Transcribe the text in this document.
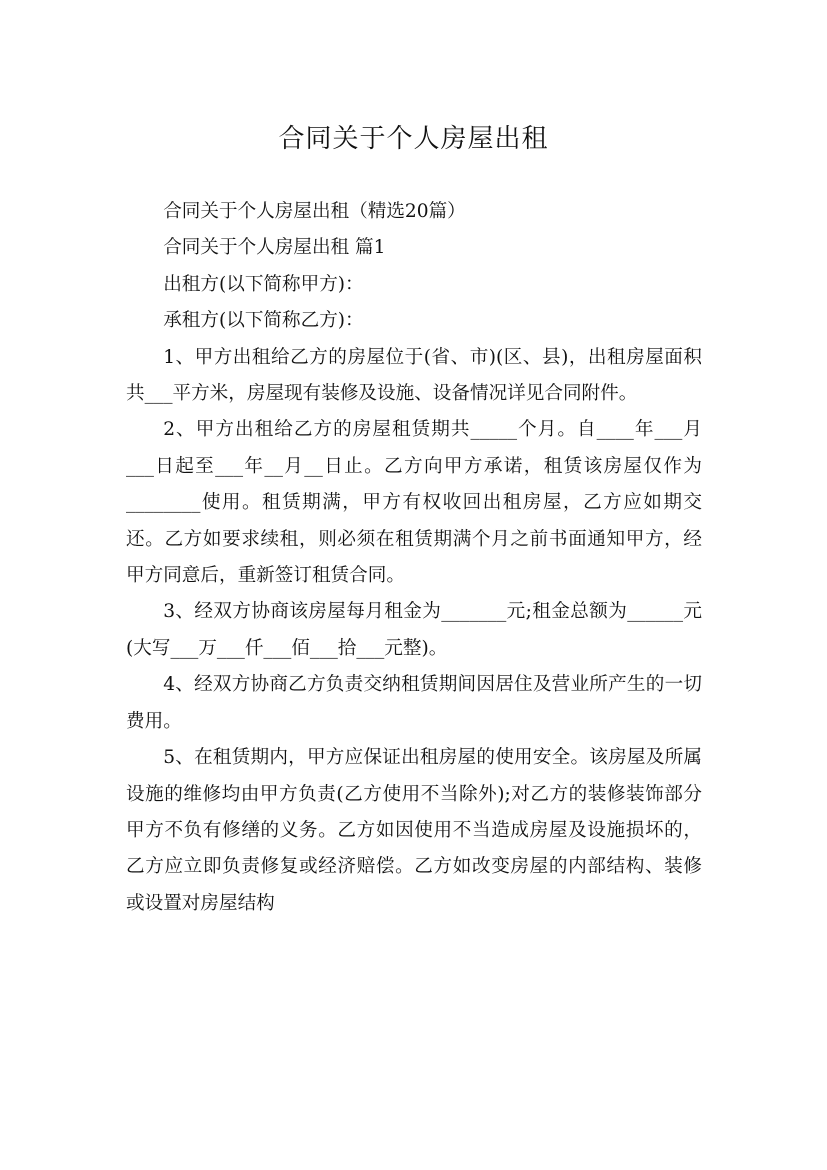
合同关于个人房屋出租

合同关于个人房屋出租（精选20篇）

合同关于个人房屋出租 篇1

出租方(以下简称甲方)：

承租方(以下简称乙方)：

1、甲方出租给乙方的房屋位于(省、市)(区、县)，出租房屋面积共___平方米，房屋现有装修及设施、设备情况详见合同附件。

2、甲方出租给乙方的房屋租赁期共_____个月。自____年___月___日起至___年__月__日止。乙方向甲方承诺，租赁该房屋仅作为________使用。租赁期满，甲方有权收回出租房屋，乙方应如期交还。乙方如要求续租，则必须在租赁期满个月之前书面通知甲方，经甲方同意后，重新签订租赁合同。

3、经双方协商该房屋每月租金为_______元;租金总额为______元(大写___万___仟___佰___拾___元整)。

4、经双方协商乙方负责交纳租赁期间因居住及营业所产生的一切费用。

5、在租赁期内，甲方应保证出租房屋的使用安全。该房屋及所属设施的维修均由甲方负责(乙方使用不当除外);对乙方的装修装饰部分甲方不负有修缮的义务。乙方如因使用不当造成房屋及设施损坏的，乙方应立即负责修复或经济赔偿。乙方如改变房屋的内部结构、装修或设置对房屋结构
